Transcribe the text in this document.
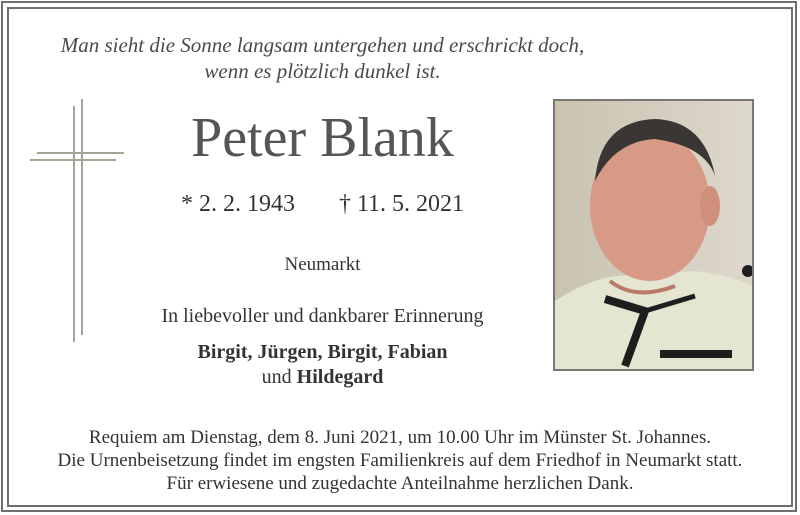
Man sieht die Sonne langsam untergehen und erschrickt doch,
wenn es plötzlich dunkel ist.
Peter Blank
* 2. 2. 1943 † 11. 5. 2021
Neumarkt
In liebevoller und dankbarer Erinnerung
Birgit, Jürgen, Birgit, Fabian
und Hildegard
Requiem am Dienstag, dem 8. Juni 2021, um 10.00 Uhr im Münster St. Johannes.
Die Urnenbeisetzung findet im engsten Familienkreis auf dem Friedhof in Neumarkt statt.
Für erwiesene und zugedachte Anteilnahme herzlichen Dank.
